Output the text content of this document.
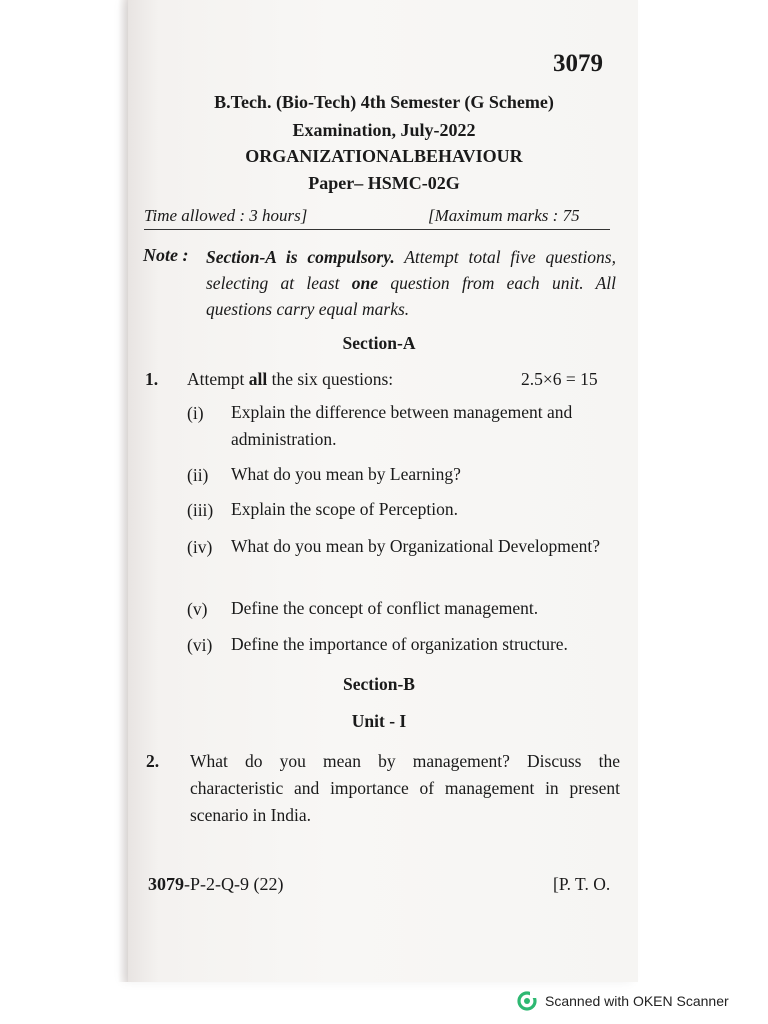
3079
B.Tech. (Bio-Tech) 4th Semester (G Scheme)
Examination, July-2022
ORGANIZATIONALBEHAVIOUR
Paper– HSMC-02G
Time allowed : 3 hours]	[Maximum marks : 75
Note : Section-A is compulsory. Attempt total five questions, selecting at least one question from each unit. All questions carry equal marks.
Section-A
1. Attempt all the six questions:	2.5×6 = 15
(i) Explain the difference between management and administration.
(ii) What do you mean by Learning?
(iii) Explain the scope of Perception.
(iv) What do you mean by Organizational Development?
(v) Define the concept of conflict management.
(vi) Define the importance of organization structure.
Section-B
Unit - I
2. What do you mean by management? Discuss the characteristic and importance of management in present scenario in India.
3079-P-2-Q-9 (22)	[P. T. O.
Scanned with OKEN Scanner
